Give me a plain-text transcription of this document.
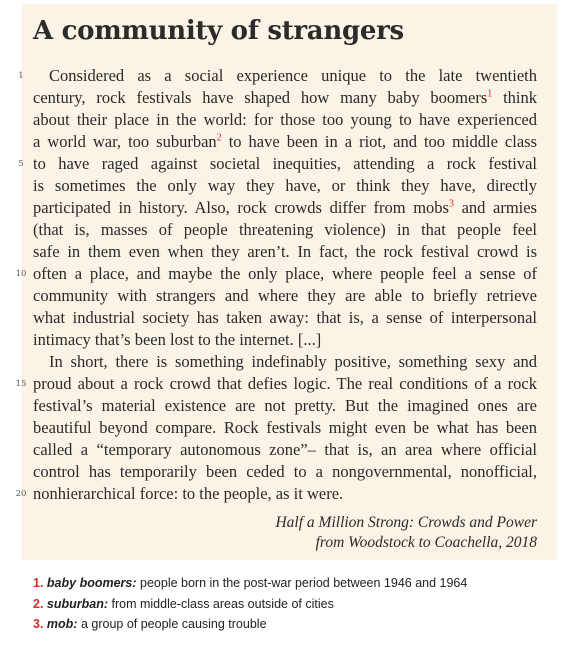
A community of strangers
Considered as a social experience unique to the late twentieth
1
century, rock festivals have shaped how many baby boomers$^1$ think
about their place in the world: for those too young to have experienced
a world war, too suburban$^2$ to have been in a riot, and too middle class
to have raged against societal inequities, attending a rock festival
5
is sometimes the only way they have, or think they have, directly
participated in history. Also, rock crowds differ from mobs$^3$ and armies
(that is, masses of people threatening violence) in that people feel
safe in them even when they aren’t. In fact, the rock festival crowd is
often a place, and maybe the only place, where people feel a sense of
10
community with strangers and where they are able to briefly retrieve
what industrial society has taken away: that is, a sense of interpersonal
intimacy that’s been lost to the internet. [...]
In short, there is something indefinably positive, something sexy and
proud about a rock crowd that defies logic. The real conditions of a rock
15
festival’s material existence are not pretty. But the imagined ones are
beautiful beyond compare. Rock festivals might even be what has been
called a “temporary autonomous zone”– that is, an area where official
control has temporarily been ceded to a nongovernmental, nonofficial,
nonhierarchical force: to the people, as it were.
20
Half a Million Strong: Crowds and Power
from Woodstock to Coachella, 2018
1. baby boomers: people born in the post-war period between 1946 and 1964
2. suburban: from middle-class areas outside of cities
3. mob: a group of people causing trouble
